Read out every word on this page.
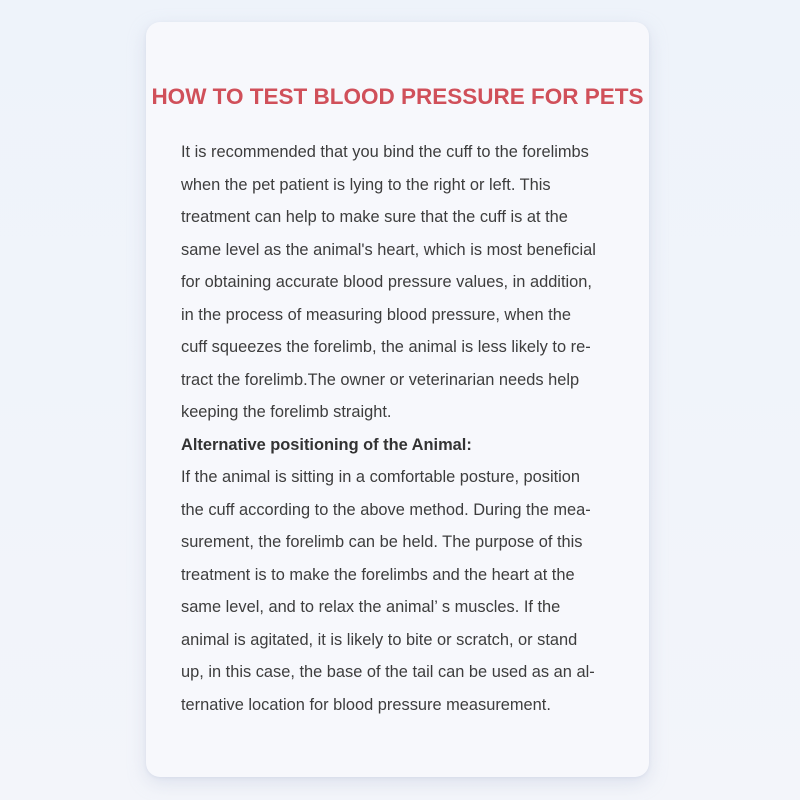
HOW TO TEST BLOOD PRESSURE FOR PETS
It is recommended that you bind the cuff to the forelimbs
when the pet patient is lying to the right or left. This
treatment can help to make sure that the cuff is at the
same level as the animal's heart, which is most beneficial
for obtaining accurate blood pressure values, in addition,
in the process of measuring blood pressure, when the
cuff squeezes the forelimb, the animal is less likely to re-
tract the forelimb.The owner or veterinarian needs help
keeping the forelimb straight.
Alternative positioning of the Animal:
If the animal is sitting in a comfortable posture, position
the cuff according to the above method. During the mea-
surement, the forelimb can be held. The purpose of this
treatment is to make the forelimbs and the heart at the
same level, and to relax the animal’ s muscles. If the
animal is agitated, it is likely to bite or scratch, or stand
up, in this case, the base of the tail can be used as an al-
ternative location for blood pressure measurement.
